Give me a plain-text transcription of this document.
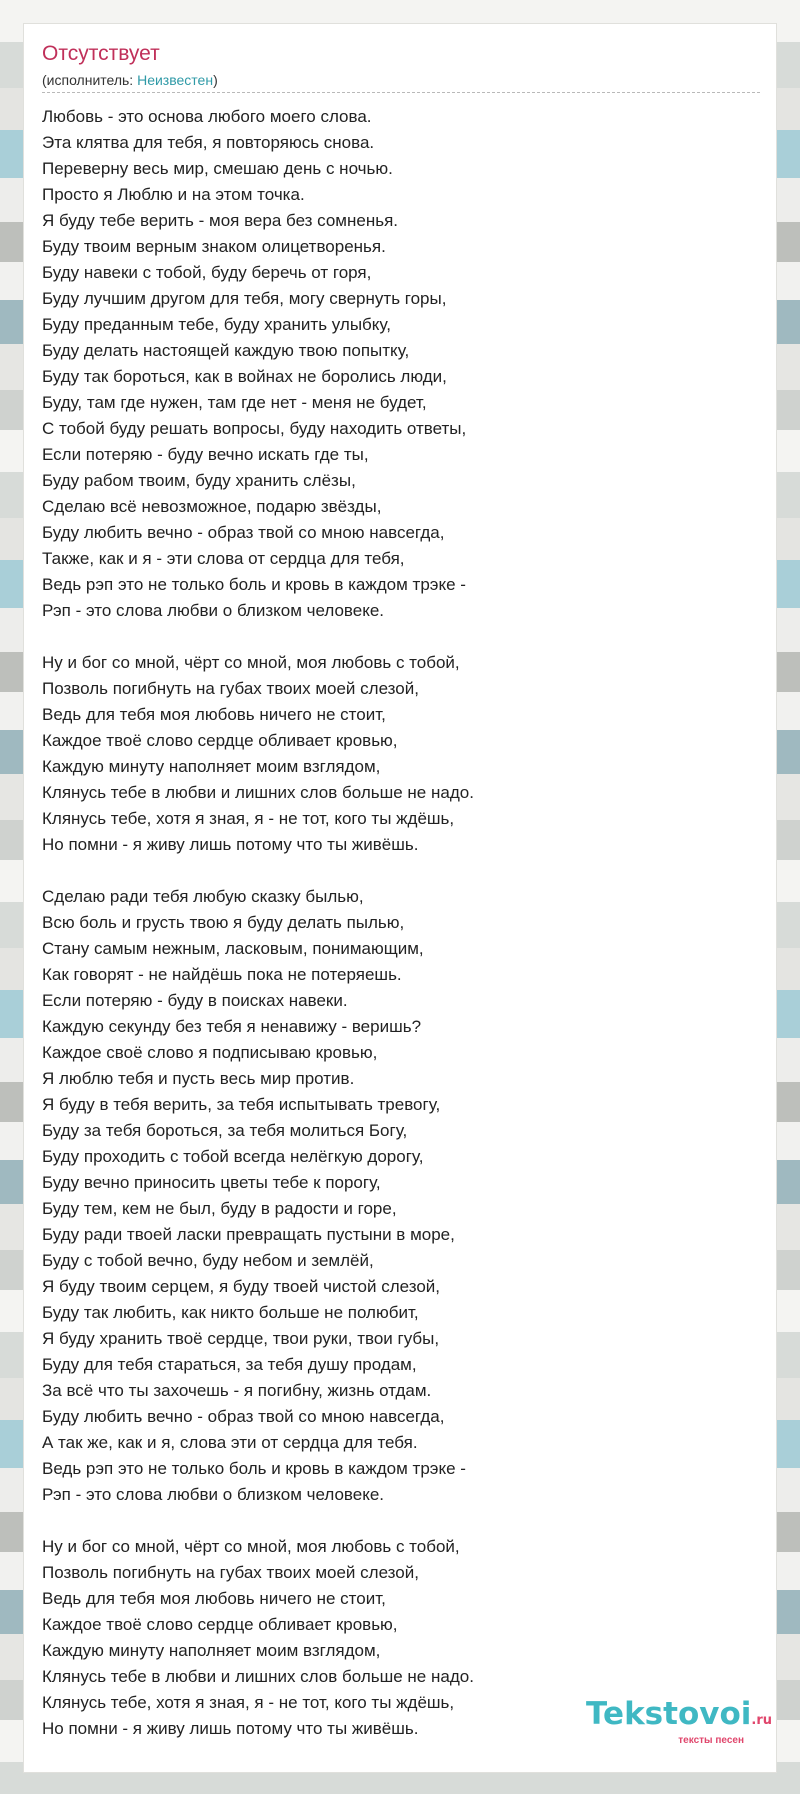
Отсутствует
(исполнитель: Неизвестен)
Любовь - это основа любого моего слова.
Эта клятва для тебя, я повторяюсь снова.
Переверну весь мир, смешаю день с ночью.
Просто я Люблю и на этом точка.
Я буду тебе верить - моя вера без сомненья.
Буду твоим верным знаком олицетворенья.
Буду навеки с тобой, буду беречь от горя,
Буду лучшим другом для тебя, могу свернуть горы,
Буду преданным тебе, буду хранить улыбку,
Буду делать настоящей каждую твою попытку,
Буду так бороться, как в войнах не боролись люди,
Буду, там где нужен, там где нет - меня не будет,
С тобой буду решать вопросы, буду находить ответы,
Если потеряю - буду вечно искать где ты,
Буду рабом твоим, буду хранить слёзы,
Сделаю всё невозможное, подарю звёзды,
Буду любить вечно - образ твой со мною навсегда,
Также, как и я - эти слова от сердца для тебя,
Ведь рэп это не только боль и кровь в каждом трэке -
Рэп - это слова любви о близком человеке.
Ну и бог со мной, чёрт со мной, моя любовь с тобой,
Позволь погибнуть на губах твоих моей слезой,
Ведь для тебя моя любовь ничего не стоит,
Каждое твоё слово сердце обливает кровью,
Каждую минуту наполняет моим взглядом,
Клянусь тебе в любви и лишних слов больше не надо.
Клянусь тебе, хотя я зная, я - не тот, кого ты ждёшь,
Но помни - я живу лишь потому что ты живёшь.
Сделаю ради тебя любую сказку былью,
Всю боль и грусть твою я буду делать пылью,
Стану самым нежным, ласковым, понимающим,
Как говорят - не найдёшь пока не потеряешь.
Если потеряю - буду в поисках навеки.
Каждую секунду без тебя я ненавижу - веришь?
Каждое своё слово я подписываю кровью,
Я люблю тебя и пусть весь мир против.
Я буду в тебя верить, за тебя испытывать тревогу,
Буду за тебя бороться, за тебя молиться Богу,
Буду проходить с тобой всегда нелёгкую дорогу,
Буду вечно приносить цветы тебе к порогу,
Буду тем, кем не был, буду в радости и горе,
Буду ради твоей ласки превращать пустыни в море,
Буду с тобой вечно, буду небом и землёй,
Я буду твоим серцем, я буду твоей чистой слезой,
Буду так любить, как никто больше не полюбит,
Я буду хранить твоё сердце, твои руки, твои губы,
Буду для тебя стараться, за тебя душу продам,
За всё что ты захочешь - я погибну, жизнь отдам.
Буду любить вечно - образ твой со мною навсегда,
А так же, как и я, слова эти от сердца для тебя.
Ведь рэп это не только боль и кровь в каждом трэке -
Рэп - это слова любви о близком человеке.
Ну и бог со мной, чёрт со мной, моя любовь с тобой,
Позволь погибнуть на губах твоих моей слезой,
Ведь для тебя моя любовь ничего не стоит,
Каждое твоё слово сердце обливает кровью,
Каждую минуту наполняет моим взглядом,
Клянусь тебе в любви и лишних слов больше не надо.
Клянусь тебе, хотя я зная, я - не тот, кого ты ждёшь,
Но помни - я живу лишь потому что ты живёшь.	Tekstovoi.ru
тексты песен
